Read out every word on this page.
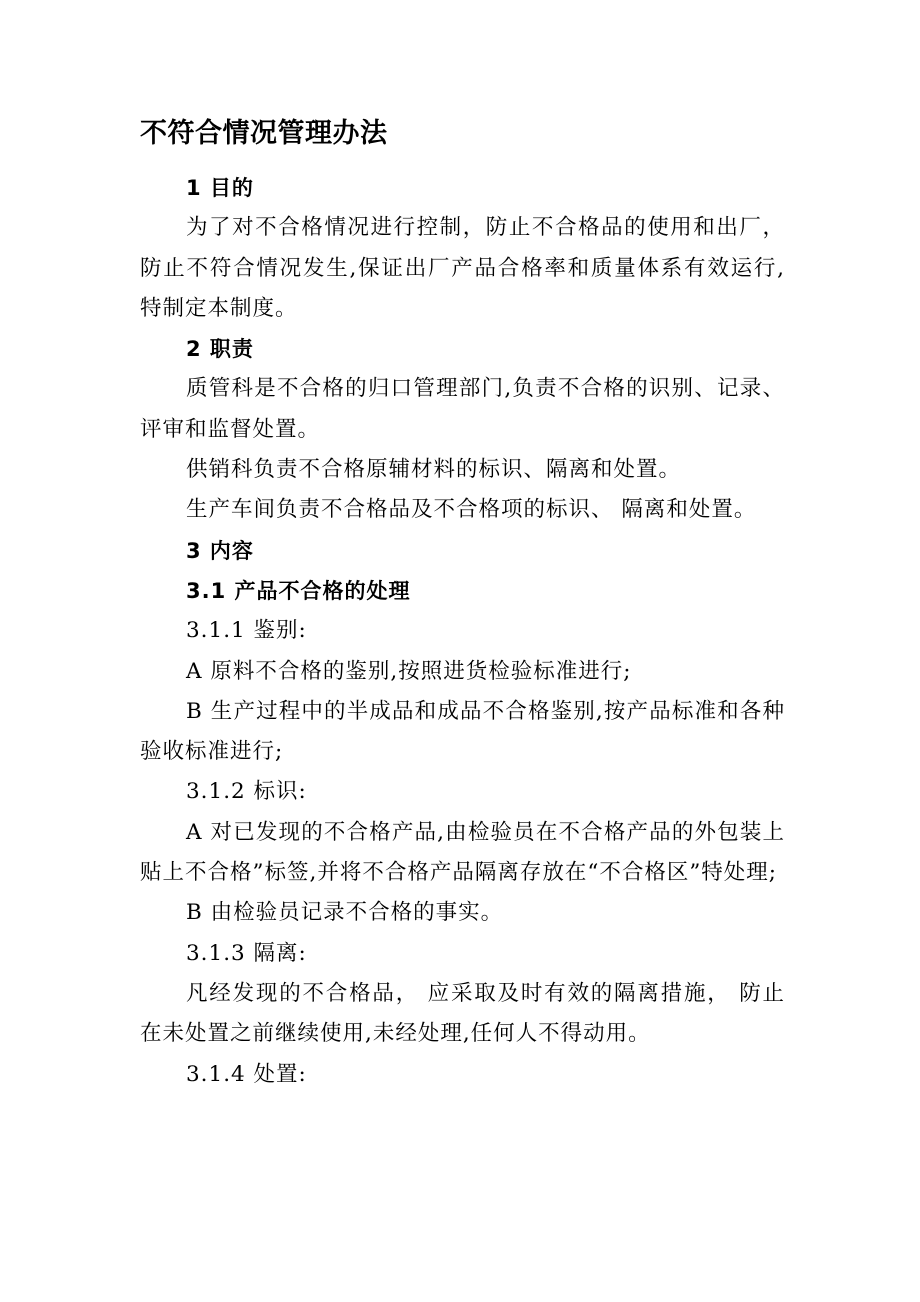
不符合情况管理办法

1 目的

为了对不合格情况进行控制，防止不合格品的使用和出厂，防止不符合情况发生,保证出厂产品合格率和质量体系有效运行,特制定本制度。

2 职责

质管科是不合格的归口管理部门,负责不合格的识别、记录、评审和监督处置。

供销科负责不合格原辅材料的标识、隔离和处置。

生产车间负责不合格品及不合格项的标识、 隔离和处置。

3 内容

3.1 产品不合格的处理

3.1.1 鉴别:

A 原料不合格的鉴别,按照进货检验标准进行;

B 生产过程中的半成品和成品不合格鉴别,按产品标准和各种验收标准进行;

3.1.2 标识:

A 对已发现的不合格产品,由检验员在不合格产品的外包装上贴上不合格”标签,并将不合格产品隔离存放在“不合格区”特处理;

B 由检验员记录不合格的事实。

3.1.3 隔离:

凡经发现的不合格品， 应采取及时有效的隔离措施， 防止在未处置之前继续使用,未经处理,任何人不得动用。

3.1.4 处置:
